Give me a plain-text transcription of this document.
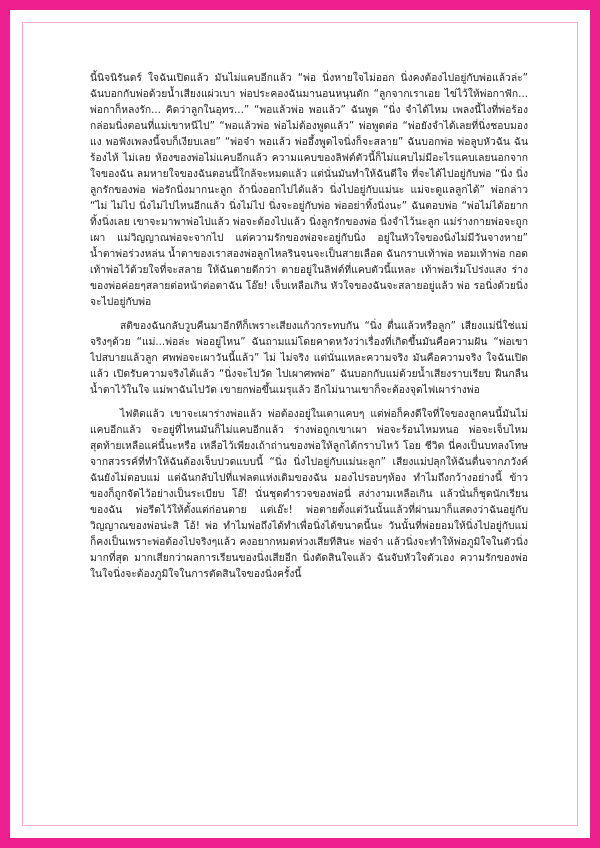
นี้นิจนิรันดร์ ใจฉันเปิดแล้ว มันไม่แคบอีกแล้ว “พ่อ นิ่งหายใจไม่ออก นิ่งคงต้องไปอยู่กับพ่อแล้วล่ะ” ฉันบอกกับพ่อด้วยน้ำเสียงแผ่วเบา พ่อประคองฉันมานอนหนุนตัก “ลูกจากเราเอย ไข่ไว้ให้พ่อกาฟัก... พ่อกาก็หลงรัก... คิดว่าลูกในอุทร...” “พอแล้วพ่อ พอแล้ว” ฉันพูด “นิ่ง จำได้ไหม เพลงนี้ไงที่พ่อร้องกล่อมนิ่งตอนที่แม่เขาหนีไป” “พอแล้วพ่อ พ่อไม่ต้องพูดแล้ว” พ่อพูดต่อ “พ่อยังจำได้เลยที่นิ่งชอบมองแง พอฟังเพลงนี้จบก็เงียบเลย” “พ่อจ๋า พอแล้ว พ่ออึ้งพูดไจนิ่งก็จะสลาย” ฉันบอกพ่อ พ่อลูบหัวฉัน ฉันร้องไห้ ไม่เลย ห้องของพ่อไม่แคบอีกแล้ว ความแคบของลิฟต์ตัวนี้ก็ไม่แคบไม่มีอะไรแคบเลยนอกจากใจของฉัน ลมหายใจของฉันตอนนี้ใกล้จะหมดแล้ว แต่นั่นมันทำให้ฉันดีใจ ที่จะได้ไปอยู่กับพ่อ “นิ่ง นิ่งลูกรักของพ่อ พ่อรักนิ่งมากนะลูก ถ้านิ่งออกไปได้แล้ว นิ่งไปอยู่กับแม่นะ แม่จะดูแลลูกได้” พ่อกล่าว “ไม่ ไม่ไป นิ่งไม่ไปไหนอีกแล้ว นิ่งไม่ไป นิ่งจะอยู่กับพ่อ พ่ออย่าทิ้งนิ่งนะ” ฉันตอบพ่อ “พ่อไม่ได้อยากทิ้งนิ่งเลย เขาจะมาพาพ่อไปแล้ว พ่อจะต้องไปแล้ว นิ่งลูกรักของพ่อ นิ่งจำไว้นะลูก แม่ร่างกายพ่อจะถูกเผา แม่วิญญาณพ่อจะจากไป แต่ความรักของพ่อจะอยู่กับนิ่ง อยู่ในหัวใจของนิ่งไม่มีวันจางหาย” น้ำตาพ่อร่วงหล่น น้ำตาของเราสองพ่อลูกไหลรินจนจะเป็นสายเลือด ฉันกราบเท้าพ่อ หอมเท้าพ่อ กอดเท้าพ่อไว้ด้วยใจที่จะสลาย ให้ฉันตายดีกว่า ตายอยู่ในลิฟต์ที่แคบตัวนี้แหละ เท้าพ่อเริ่มโปร่งแสง ร่างของพ่อค่อยๆสลายต่อหน้าต่อตาฉัน โอ๊ย! เจ็บเหลือเกิน หัวใจของฉันจะสลายอยู่แล้ว พ่อ รอนิ่งด้วยนิ่งจะไปอยู่กับพ่อ

สติของฉันกลับวูบคืนมาอีกทีก็เพราะเสียงแก้วกระทบกัน “นิ่ง ตื่นแล้วหรือลูก” เสียงแม่นี่ใช่แม่จริงๆด้วย “แม่...พ่อล่ะ พ่ออยู่ไหน” ฉันถามแม่โดยคาดหวังว่าเรื่องที่เกิดขึ้นมันคือความฝัน “พ่อเขาไปสบายแล้วลูก ศพพ่อจะเผาวันนี้แล้ว” ไม่ ไม่จริง แต่นั่นแหละความจริง มันคือความจริง ใจฉันเปิดแล้ว เปิดรับความจริงได้แล้ว “นิ่งจะไปวัด ไปเผาศพพ่อ” ฉันบอกกับแม่ด้วยน้ำเสียงราบเรียบ ฝืนกลืนน้ำตาไว้ในใจ แม่พาฉันไปวัด เขายกพ่อขึ้นเมรุแล้ว อีกไม่นานเขาก็จะต้องจุดไฟเผาร่างพ่อ

ไฟติดแล้ว เขาจะเผาร่างพ่อแล้ว พ่อต้องอยู่ในเตาแคบๆ แต่พ่อก็คงดีใจที่ใจของลูกคนนี้มันไม่แคบอีกแล้ว จะอยู่ที่ไหนมันก็ไม่แคบอีกแล้ว ร่างพ่อถูกเขาเผา พ่อจะร้อนไหมหนอ พ่อจะเจ็บไหม สุดท้ายเหลือแค่นี้นะหรือ เหลือไว้เพียงเถ้าถ่านของพ่อให้ลูกได้กราบไหว้ โอย ชีวิต นี่คงเป็นบทลงโทษจากสวรรค์ที่ทำให้ฉันต้องเจ็บปวดแบบนี้ “นิ่ง นิ่งไปอยู่กับแม่นะลูก” เสียงแม่ปลุกให้ฉันตื่นจากภวังค์ ฉันยังไม่ตอบแม่ แต่ฉันกลับไปที่แฟลตแห่งเดิมของฉัน มองไปรอบๆห้อง ทำไมถึงกว้างอย่างนี้ ข้าวของก็ถูกจัดไว้อย่างเป็นระเบียบ โอ๊! นั่นชุดตำรวจของพ่อนี่ สง่างามเหลือเกิน แล้วนั่นก็ชุดนักเรียนของฉัน พ่อรีดไว้ให้ตั้งแต่ก่อนตาย แต่เอ๊ะ! พ่อตายตั้งแต่วันนั้นแล้วที่ผ่านมาก็แสดงว่าฉันอยู่กับวิญญาณของพ่อน่ะสิ โอ้! พ่อ ทำไมพ่อถึงได้ทำเพื่อนิ่งได้ขนาดนี้นะ วันนั้นที่พ่อยอมให้นิ่งไปอยู่กับแม่ ก็คงเป็นเพราะพ่อต้องไปจริงๆแล้ว คงอยากหมดห่วงเสียทีสินะ พ่อจ๋า แล้วนิ่งจะทำให้พ่อภูมิใจในตัวนิ่งมากที่สุด มากเสียกว่าผลการเรียนของนิ่งเสียอีก นิ่งตัดสินใจแล้ว ฉันจับหัวใจตัวเอง ความรักของพ่อในใจนิ่งจะต้องภูมิใจในการตัดสินใจของนิ่งครั้งนี้
